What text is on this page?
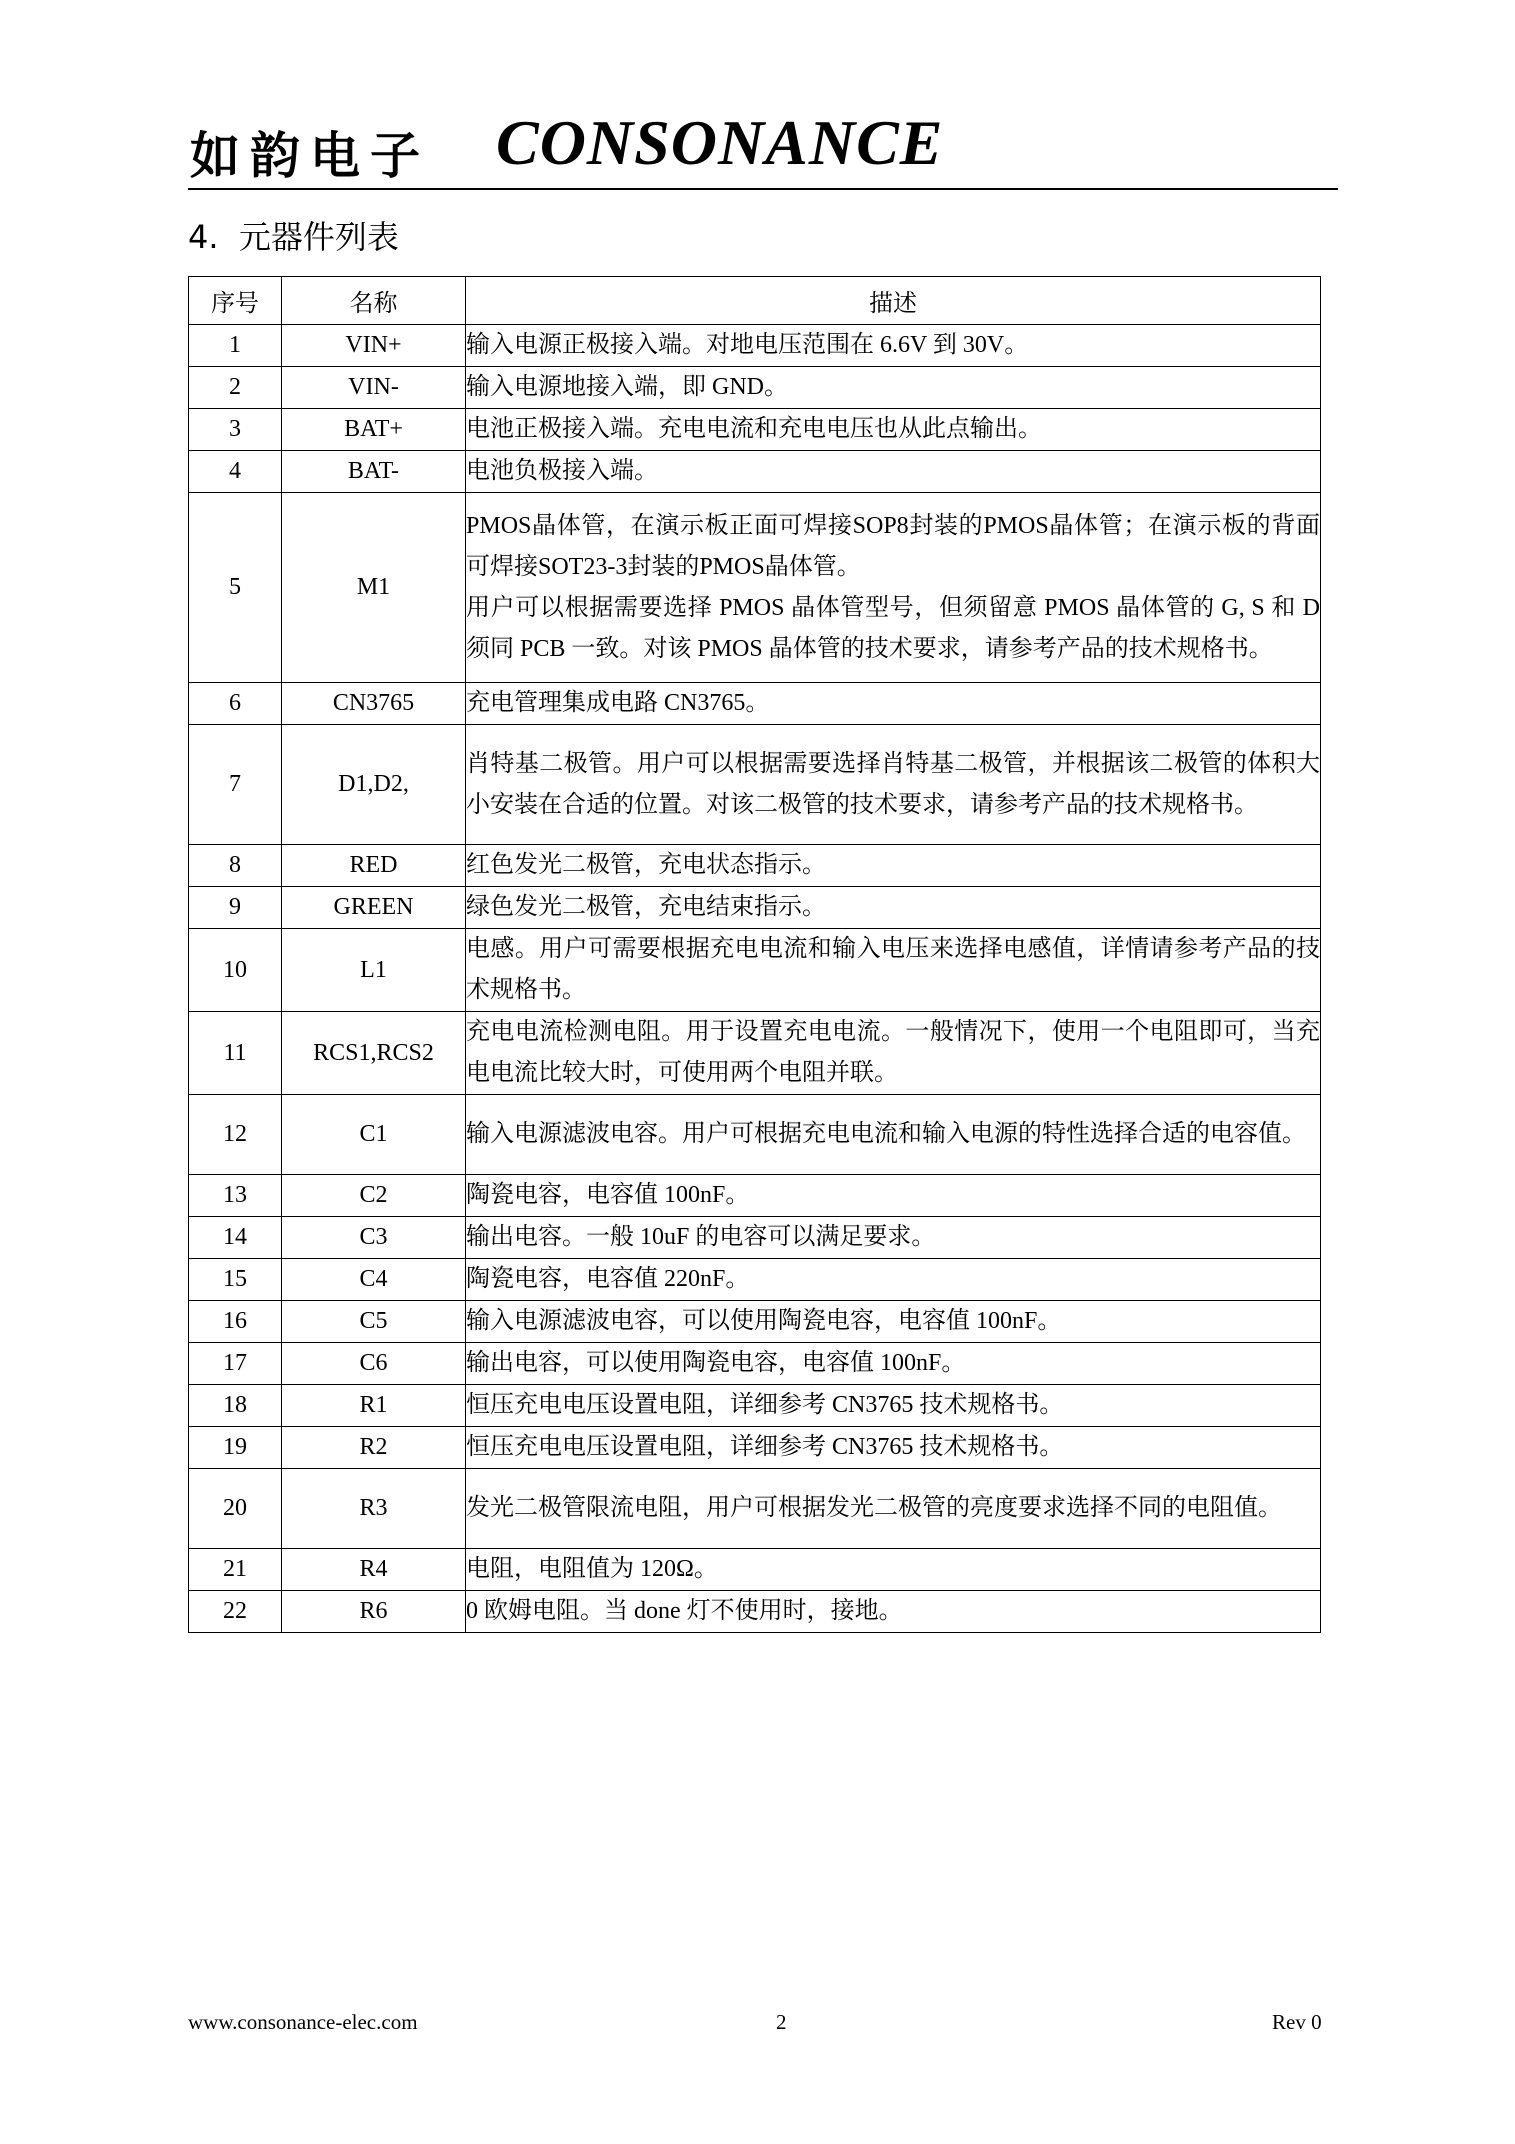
如韵电子 CONSONANCE
4.  元器件列表
序号	名称	描述
1	VIN+	输入电源正极接入端。对地电压范围在 6.6V 到 30V。

2	VIN-	输入电源地接入端，即 GND。

3	BAT+	电池正极接入端。充电电流和充电电压也从此点输出。

4	BAT-	电池负极接入端。

5	M1	PMOS晶体管，在演示板正面可焊接SOP8封装的PMOS晶体管；在演示板的背面可焊接SOT23-3封装的PMOS晶体管。

用户可以根据需要选择 PMOS 晶体管型号，但须留意 PMOS 晶体管的 G, S 和 D 须同 PCB 一致。对该 PMOS 晶体管的技术要求，请参考产品的技术规格书。

6	CN3765	充电管理集成电路 CN3765。

7	D1,D2,	肖特基二极管。用户可以根据需要选择肖特基二极管，并根据该二极管的体积大小安装在合适的位置。对该二极管的技术要求，请参考产品的技术规格书。

8	RED	红色发光二极管，充电状态指示。

9	GREEN	绿色发光二极管，充电结束指示。

10	L1	电感。用户可需要根据充电电流和输入电压来选择电感值，详情请参考产品的技术规格书。

11	RCS1,RCS2	充电电流检测电阻。用于设置充电电流。一般情况下，使用一个电阻即可，当充电电流比较大时，可使用两个电阻并联。

12	C1	输入电源滤波电容。用户可根据充电电流和输入电源的特性选择合适的电容值。

13	C2	陶瓷电容，电容值 100nF。

14	C3	输出电容。一般 10uF 的电容可以满足要求。

15	C4	陶瓷电容，电容值 220nF。

16	C5	输入电源滤波电容，可以使用陶瓷电容，电容值 100nF。

17	C6	输出电容，可以使用陶瓷电容，电容值 100nF。

18	R1	恒压充电电压设置电阻，详细参考 CN3765 技术规格书。

19	R2	恒压充电电压设置电阻，详细参考 CN3765 技术规格书。

20	R3	发光二极管限流电阻，用户可根据发光二极管的亮度要求选择不同的电阻值。

21	R4	电阻，电阻值为 120Ω。

22	R6	0 欧姆电阻。当 done 灯不使用时，接地。

www.consonance-elec.com	2	Rev 0
